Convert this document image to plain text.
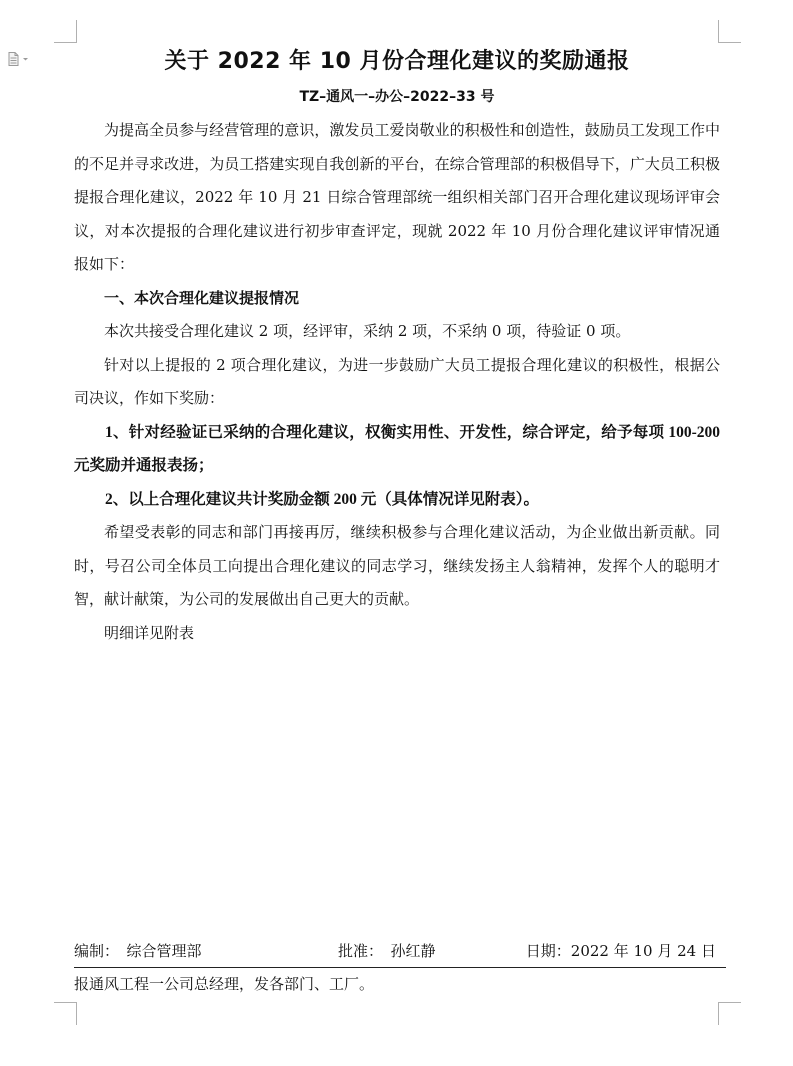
关于 2022 年 10 月份合理化建议的奖励通报
TZ–通风一–办公–2022–33 号

为提高全员参与经营管理的意识，激发员工爱岗敬业的积极性和创造性，鼓励员工发现工作中的不足并寻求改进，为员工搭建实现自我创新的平台，在综合管理部的积极倡导下，广大员工积极提报合理化建议，2022 年 10 月 21 日综合管理部统一组织相关部门召开合理化建议现场评审会议，对本次提报的合理化建议进行初步审查评定，现就 2022 年 10 月份合理化建议评审情况通报如下：

一、本次合理化建议提报情况

本次共接受合理化建议 2 项，经评审，采纳 2 项，不采纳 0 项，待验证 0 项。

针对以上提报的 2 项合理化建议，为进一步鼓励广大员工提报合理化建议的积极性，根据公司决议，作如下奖励：

1、针对经验证已采纳的合理化建议，权衡实用性、开发性，综合评定，给予每项 100-200 元奖励并通报表扬；

2、以上合理化建议共计奖励金额 200 元（具体情况详见附表）。

希望受表彰的同志和部门再接再厉，继续积极参与合理化建议活动，为企业做出新贡献。同时，号召公司全体员工向提出合理化建议的同志学习，继续发扬主人翁精神，发挥个人的聪明才智，献计献策，为公司的发展做出自己更大的贡献。

明细详见附表

编制：　综合管理部	批准：　孙红静	日期：2022 年 10 月 24 日
报通风工程一公司总经理，发各部门、工厂。
